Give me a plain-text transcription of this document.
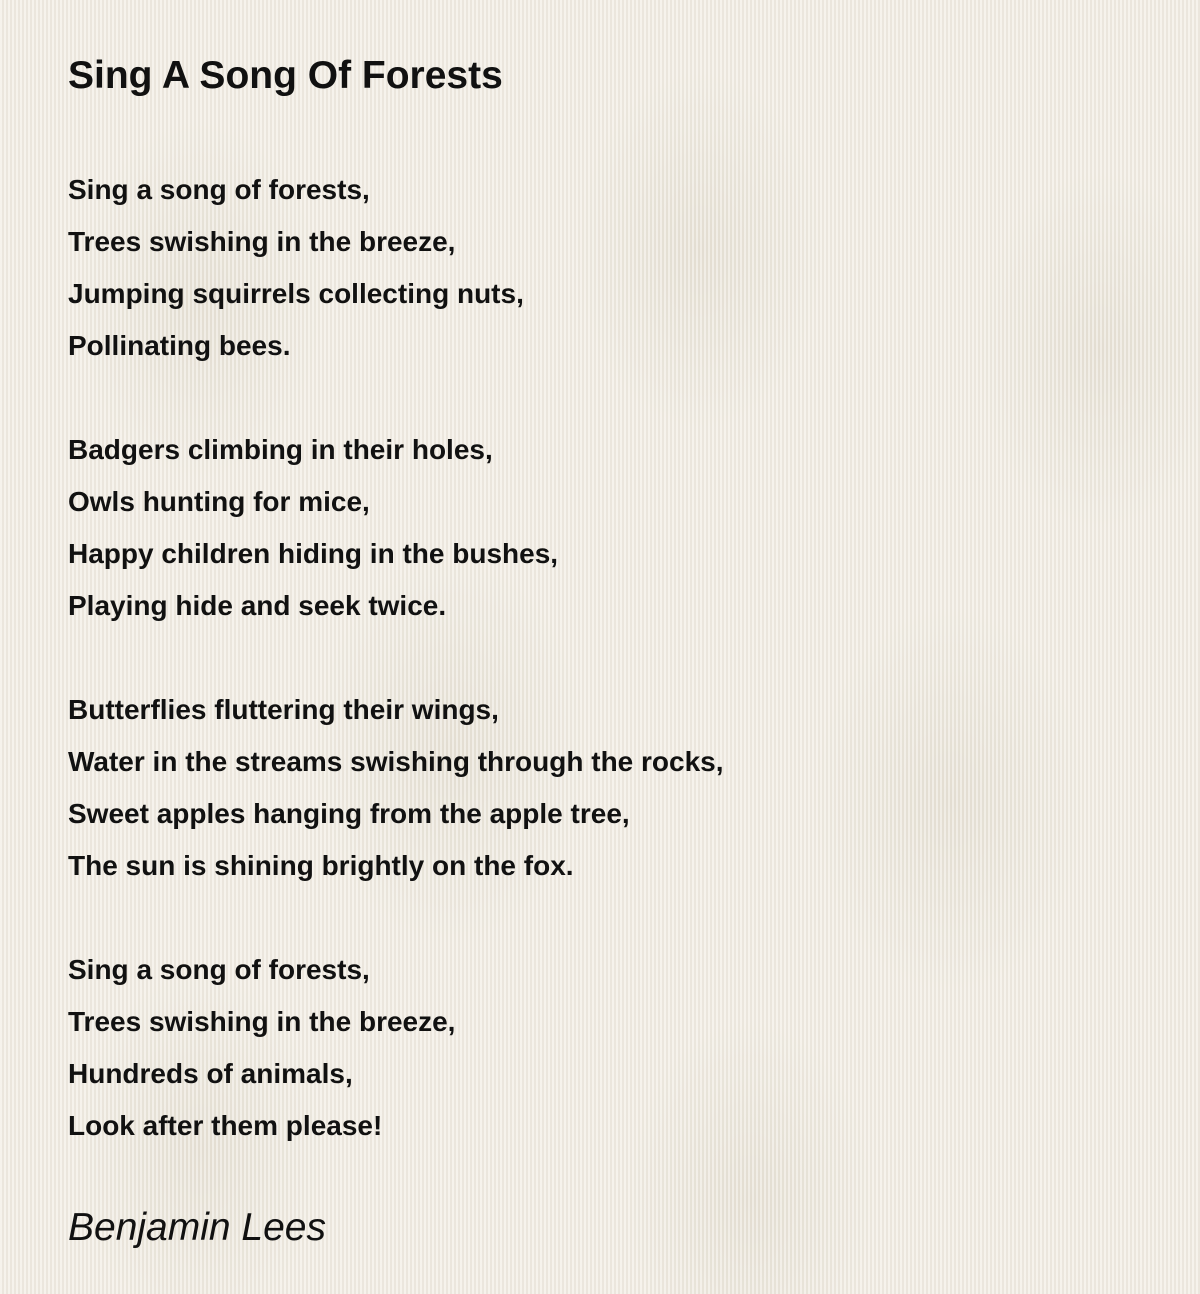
Sing A Song Of Forests
Sing a song of forests,
Trees swishing in the breeze,
Jumping squirrels collecting nuts,
Pollinating bees.
Badgers climbing in their holes,
Owls hunting for mice,
Happy children hiding in the bushes,
Playing hide and seek twice.
Butterflies fluttering their wings,
Water in the streams swishing through the rocks,
Sweet apples hanging from the apple tree,
The sun is shining brightly on the fox.
Sing a song of forests,
Trees swishing in the breeze,
Hundreds of animals,
Look after them please!
Benjamin Lees
